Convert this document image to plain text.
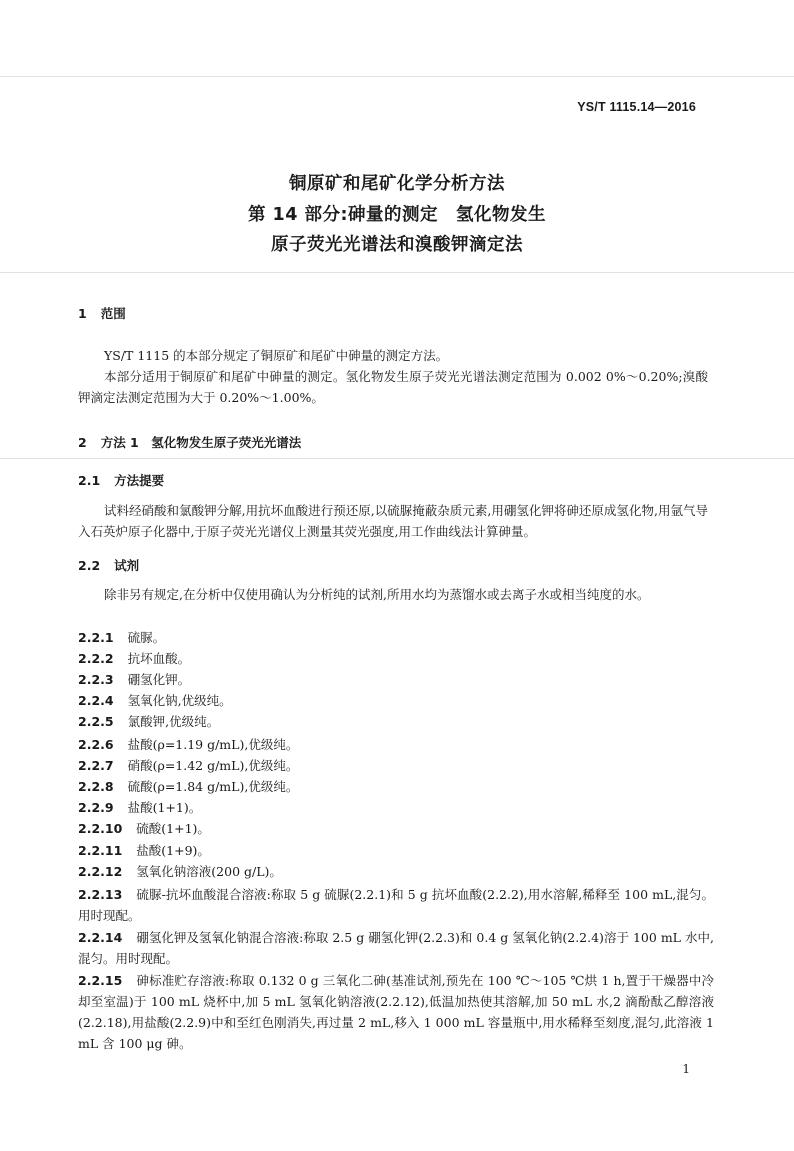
YS/T 1115.14—2016
铜原矿和尾矿化学分析方法
第 14 部分:砷量的测定　氢化物发生
原子荧光光谱法和溴酸钾滴定法
1 范围
YS/T 1115 的本部分规定了铜原矿和尾矿中砷量的测定方法。
本部分适用于铜原矿和尾矿中砷量的测定。氢化物发生原子荧光光谱法测定范围为 0.002 0%～0.20%;溴酸钾滴定法测定范围为大于 0.20%～1.00%。
2 方法 1　氢化物发生原子荧光光谱法
2.1 方法提要
试料经硝酸和氯酸钾分解,用抗坏血酸进行预还原,以硫脲掩蔽杂质元素,用硼氢化钾将砷还原成氢化物,用氩气导入石英炉原子化器中,于原子荧光光谱仪上测量其荧光强度,用工作曲线法计算砷量。
2.2 试剂
除非另有规定,在分析中仅使用确认为分析纯的试剂,所用水均为蒸馏水或去离子水或相当纯度的水。
2.2.1 硫脲。
2.2.2 抗坏血酸。
2.2.3 硼氢化钾。
2.2.4 氢氧化钠,优级纯。
2.2.5 氯酸钾,优级纯。
2.2.6 盐酸(ρ=1.19 g/mL),优级纯。
2.2.7 硝酸(ρ=1.42 g/mL),优级纯。
2.2.8 硫酸(ρ=1.84 g/mL),优级纯。
2.2.9 盐酸(1+1)。
2.2.10 硫酸(1+1)。
2.2.11 盐酸(1+9)。
2.2.12 氢氧化钠溶液(200 g/L)。
2.2.13 硫脲-抗坏血酸混合溶液:称取 5 g 硫脲(2.2.1)和 5 g 抗坏血酸(2.2.2),用水溶解,稀释至 100 mL,混匀。用时现配。
2.2.14 硼氢化钾及氢氧化钠混合溶液:称取 2.5 g 硼氢化钾(2.2.3)和 0.4 g 氢氧化钠(2.2.4)溶于 100 mL 水中,混匀。用时现配。
2.2.15 砷标准贮存溶液:称取 0.132 0 g 三氧化二砷(基准试剂,预先在 100 ℃～105 ℃烘 1 h,置于干燥器中冷却至室温)于 100 mL 烧杯中,加 5 mL 氢氧化钠溶液(2.2.12),低温加热使其溶解,加 50 mL 水,2 滴酚酞乙醇溶液(2.2.18),用盐酸(2.2.9)中和至红色刚消失,再过量 2 mL,移入 1 000 mL 容量瓶中,用水稀释至刻度,混匀,此溶液 1 mL 含 100 μg 砷。
1
